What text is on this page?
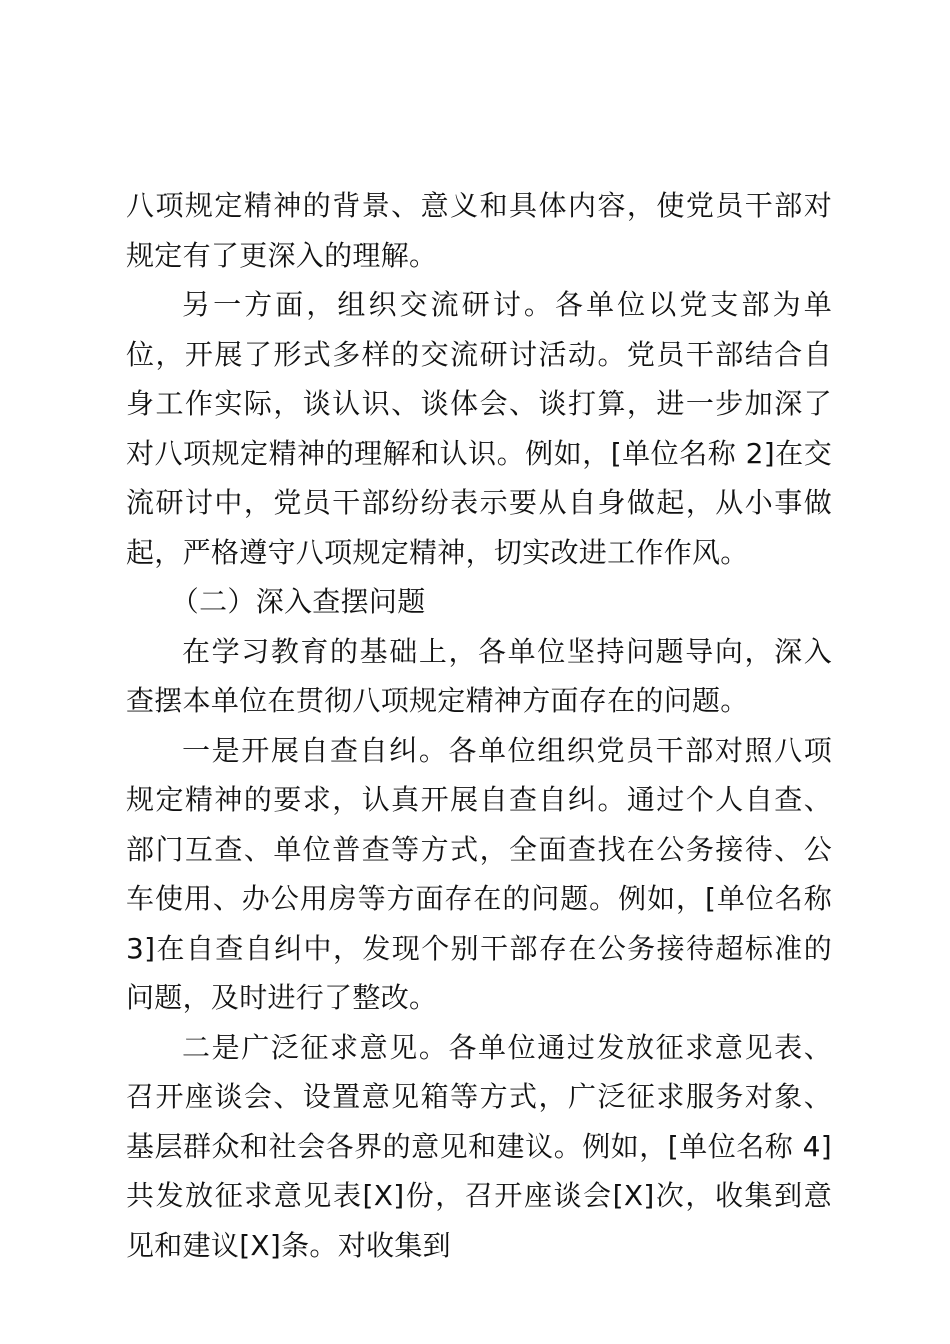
八项规定精神的背景、意义和具体内容，使党员干部对规定有了更深入的理解。

另一方面，组织交流研讨。各单位以党支部为单位，开展了形式多样的交流研讨活动。党员干部结合自身工作实际，谈认识、谈体会、谈打算，进一步加深了对八项规定精神的理解和认识。例如，[单位名称 2]在交流研讨中，党员干部纷纷表示要从自身做起，从小事做起，严格遵守八项规定精神，切实改进工作作风。

（二）深入查摆问题

在学习教育的基础上，各单位坚持问题导向，深入查摆本单位在贯彻八项规定精神方面存在的问题。

一是开展自查自纠。各单位组织党员干部对照八项规定精神的要求，认真开展自查自纠。通过个人自查、部门互查、单位普查等方式，全面查找在公务接待、公车使用、办公用房等方面存在的问题。例如，[单位名称 3]在自查自纠中，发现个别干部存在公务接待超标准的问题，及时进行了整改。

二是广泛征求意见。各单位通过发放征求意见表、召开座谈会、设置意见箱等方式，广泛征求服务对象、基层群众和社会各界的意见和建议。例如，[单位名称 4]共发放征求意见表[X]份，召开座谈会[X]次，收集到意见和建议[X]条。对收集到
